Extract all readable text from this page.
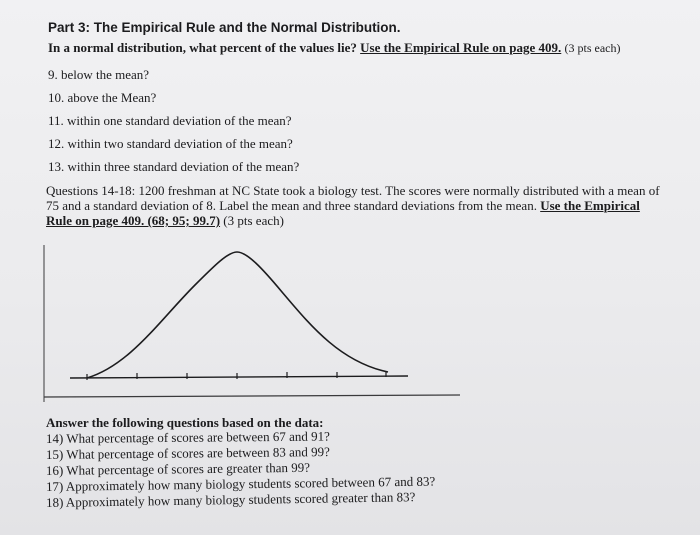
Part 3: The Empirical Rule and the Normal Distribution.
In a normal distribution, what percent of the values lie? Use the Empirical Rule on page 409. (3 pts each)
9. below the mean?
10. above the Mean?
11. within one standard deviation of the mean?
12. within two standard deviation of the mean?
13. within three standard deviation of the mean?
Questions 14-18: 1200 freshman at NC State took a biology test. The scores were normally distributed with a mean of
75 and a standard deviation of 8. Label the mean and three standard deviations from the mean. Use the Empirical
Rule on page 409. (68; 95; 99.7) (3 pts each)
Answer the following questions based on the data:
14) What percentage of scores are between 67 and 91?
15) What percentage of scores are between 83 and 99?
16) What percentage of scores are greater than 99?
17) Approximately how many biology students scored between 67 and 83?
18) Approximately how many biology students scored greater than 83?
